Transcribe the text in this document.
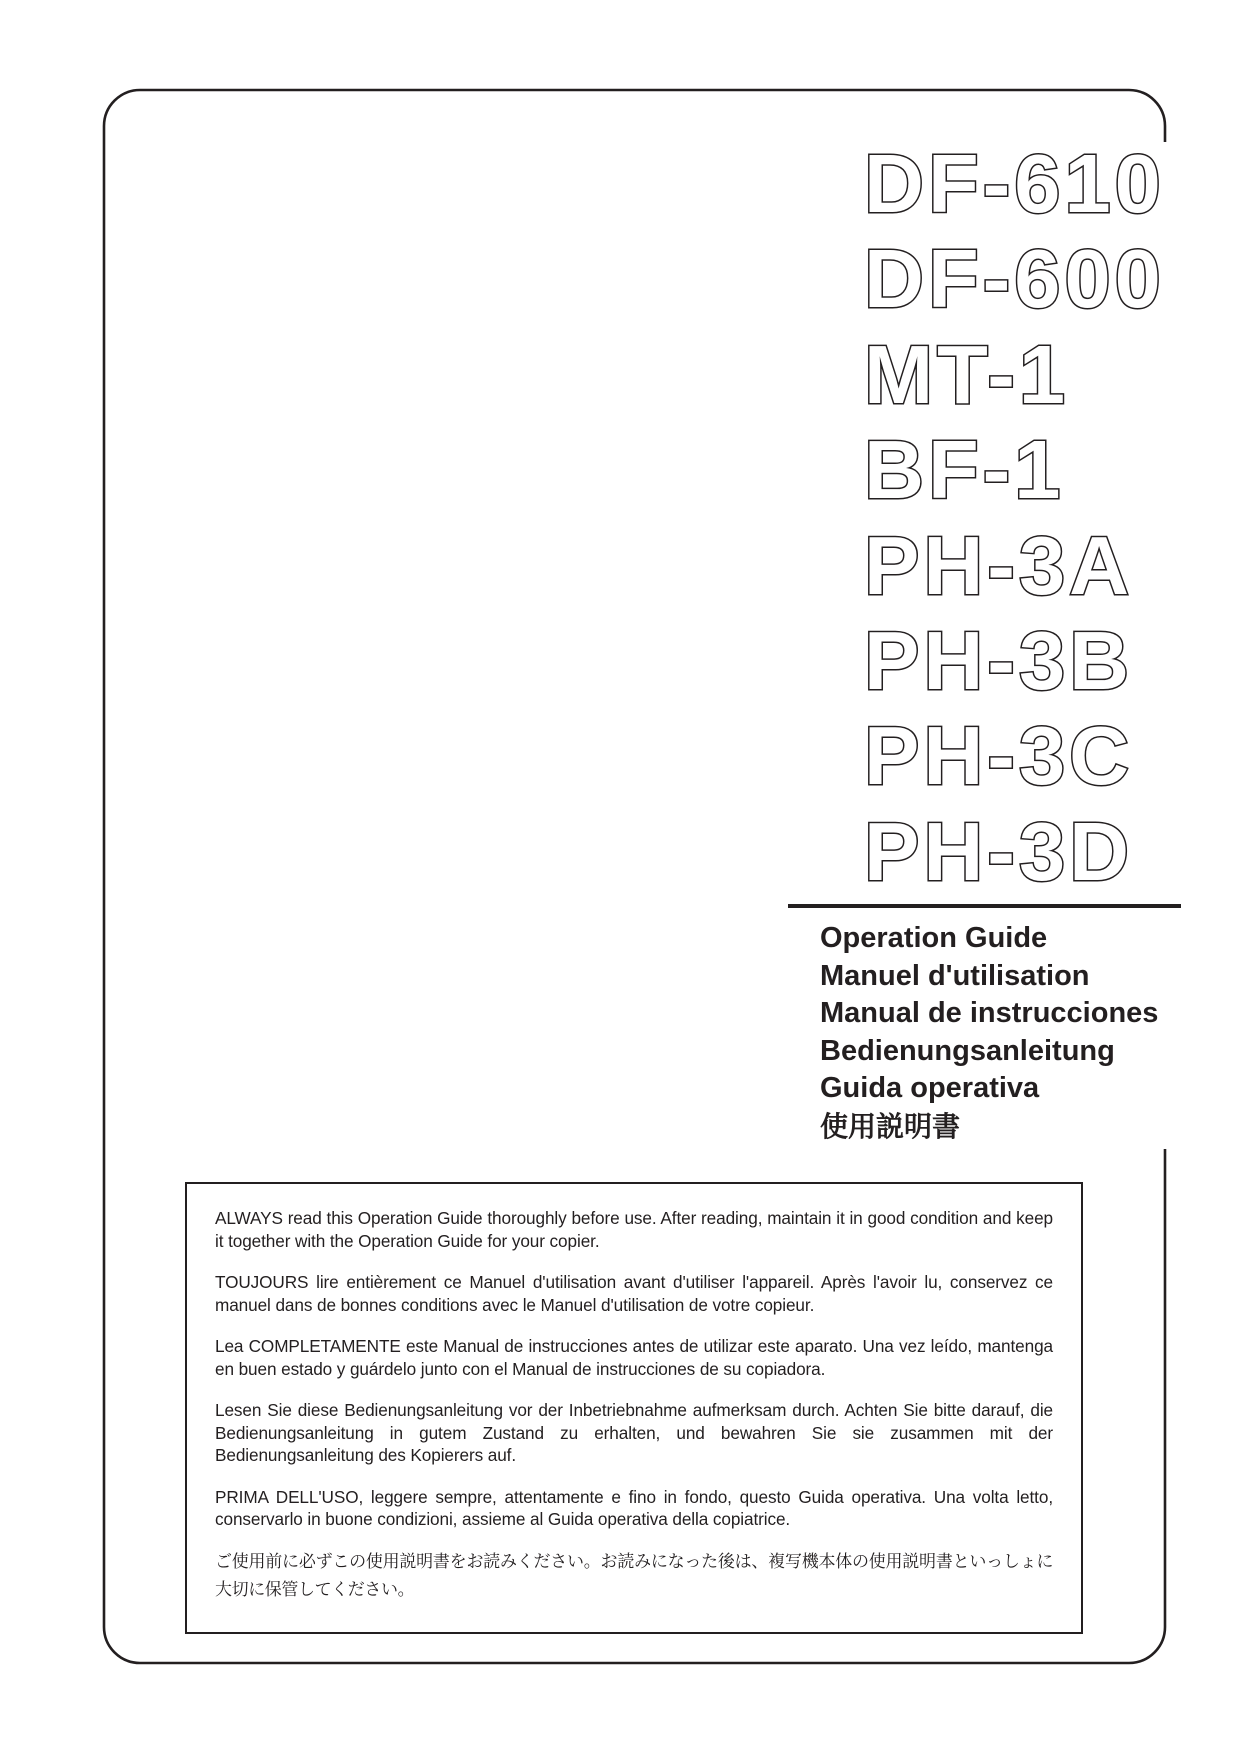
DF-610
DF-600
MT-1
BF-1
PH-3A
PH-3B
PH-3C
PH-3D
Operation Guide
Manuel d'utilisation
Manual de instrucciones
Bedienungsanleitung
Guida operativa
使用説明書

ALWAYS read this Operation Guide thoroughly before use. After reading, maintain it in good condition and keep it together with the Operation Guide for your copier.

TOUJOURS lire entièrement ce Manuel d'utilisation avant d'utiliser l'appareil. Après l'avoir lu, conservez ce manuel dans de bonnes conditions avec le Manuel d'utilisation de votre copieur.

Lea COMPLETAMENTE este Manual de instrucciones antes de utilizar este aparato. Una vez leído, mantenga en buen estado y guárdelo junto con el Manual de instrucciones de su copiadora.

Lesen Sie diese Bedienungsanleitung vor der Inbetriebnahme aufmerksam durch. Achten Sie bitte darauf, die Bedienungsanleitung in gutem Zustand zu erhalten, und bewahren Sie sie zusammen mit der Bedienungsanleitung des Kopierers auf.

PRIMA DELL'USO, leggere sempre, attentamente e fino in fondo, questo Guida operativa. Una volta letto, conservarlo in buone condizioni, assieme al Guida operativa della copiatrice.

ご使用前に必ずこの使用説明書をお読みください。お読みになった後は、複写機本体の使用説明書といっしょに大切に保管してください。
